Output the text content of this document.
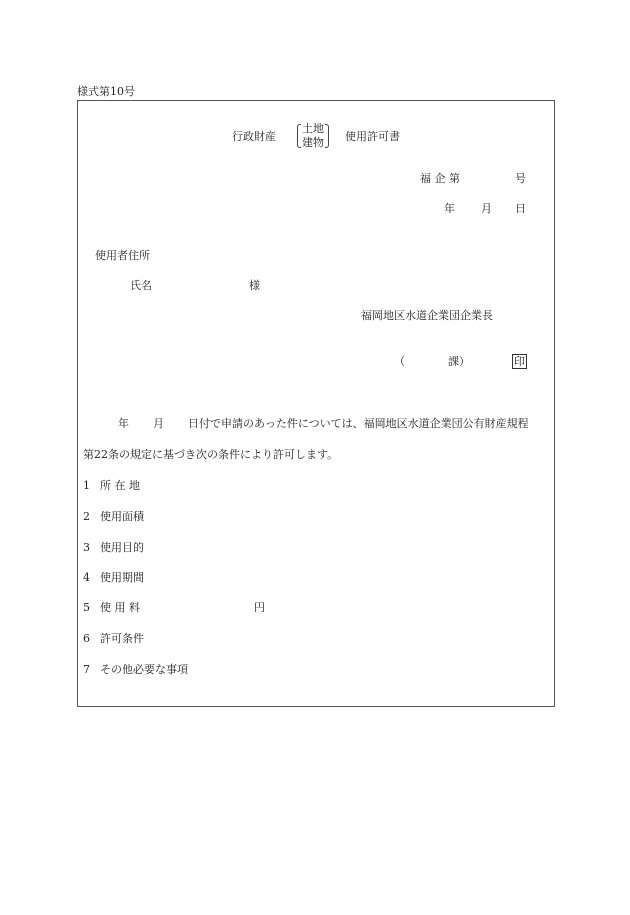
様式第10号
行政財産
土地
建物 使用許可書
福 企 第	号
年 月 日
使用者住所
氏名	様
福岡地区水道企業団企業長
（	課）	印
年 月 日付で申請のあった件については、福岡地区水道企業団公有財産規程
第22条の規定に基づき次の条件により許可します。
1 所 在 地
2 使用面積
3 使用目的
4 使用期間
5 使 用 料	円
6 許可条件
7 その他必要な事項
